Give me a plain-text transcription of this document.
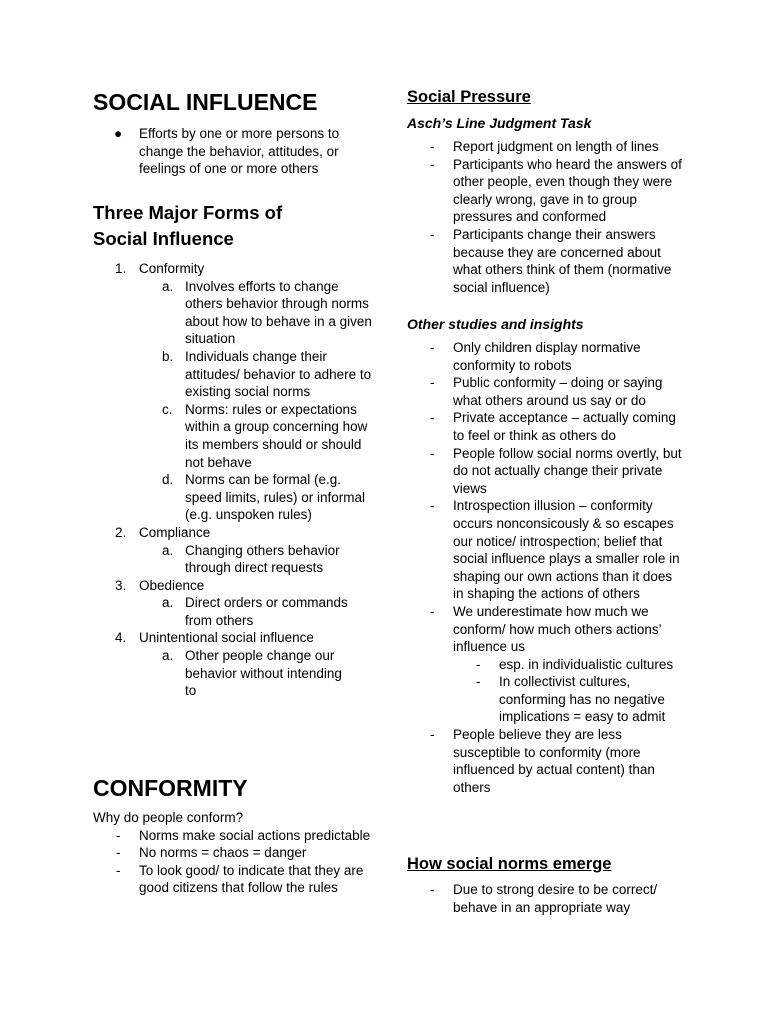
SOCIAL INFLUENCE
● Efforts by one or more persons to change the behavior, attitudes, or feelings of one or more others
Three Major Forms of Social Influence
1. Conformity
a. Involves efforts to change others behavior through norms about how to behave in a given situation
b. Individuals change their attitudes/ behavior to adhere to existing social norms
c. Norms: rules or expectations within a group concerning how its members should or should not behave
d. Norms can be formal (e.g. speed limits, rules) or informal (e.g. unspoken rules)
2. Compliance
a. Changing others behavior through direct requests
3. Obedience
a. Direct orders or commands from others
4. Unintentional social influence
a. Other people change our behavior without intending to
CONFORMITY

Why do people conform?

- Norms make social actions predictable
- No norms = chaos = danger
- To look good/ to indicate that they are good citizens that follow the rules
Social Pressure
Asch’s Line Judgment Task
- Report judgment on length of lines
- Participants who heard the answers of other people, even though they were clearly wrong, gave in to group pressures and conformed
- Participants change their answers because they are concerned about what others think of them (normative social influence)
Other studies and insights
- Only children display normative conformity to robots
- Public conformity – doing or saying what others around us say or do
- Private acceptance – actually coming to feel or think as others do
- People follow social norms overtly, but do not actually change their private views
- Introspection illusion – conformity occurs nonconsicously & so escapes our notice/ introspection; belief that social influence plays a smaller role in shaping our own actions than it does in shaping the actions of others
- We underestimate how much we conform/ how much others actions’ influence us
- esp. in individualistic cultures
- In collectivist cultures, conforming has no negative implications = easy to admit
- People believe they are less susceptible to conformity (more influenced by actual content) than others
How social norms emerge
- Due to strong desire to be correct/ behave in an appropriate way
